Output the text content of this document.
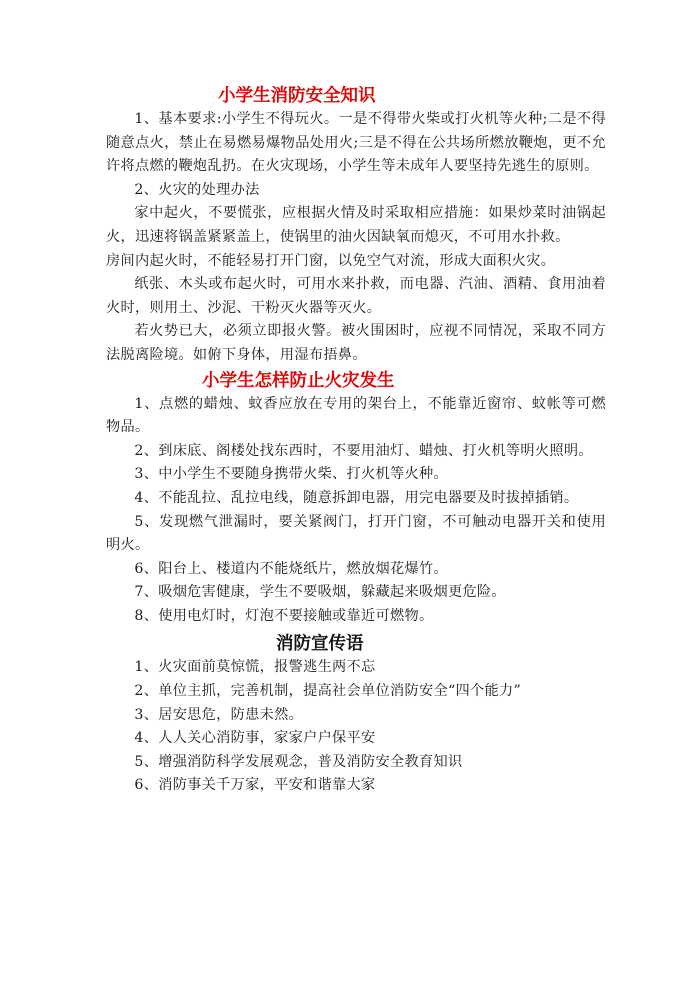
小学生消防安全知识

1、基本要求:小学生不得玩火。一是不得带火柴或打火机等火种;二是不得随意点火，禁止在易燃易爆物品处用火;三是不得在公共场所燃放鞭炮，更不允许将点燃的鞭炮乱扔。在火灾现场，小学生等未成年人要坚持先逃生的原则。

2、火灾的处理办法

家中起火，不要慌张，应根据火情及时采取相应措施：如果炒菜时油锅起火，迅速将锅盖紧紧盖上，使锅里的油火因缺氧而熄灭，不可用水扑救。

房间内起火时，不能轻易打开门窗，以免空气对流，形成大面积火灾。

纸张、木头或布起火时，可用水来扑救，而电器、汽油、酒精、食用油着火时，则用土、沙泥、干粉灭火器等灭火。

若火势已大，必须立即报火警。被火围困时，应视不同情况，采取不同方法脱离险境。如俯下身体，用湿布捂鼻。

小学生怎样防止火灾发生

1、点燃的蜡烛、蚊香应放在专用的架台上，不能靠近窗帘、蚊帐等可燃物品。

2、到床底、阁楼处找东西时，不要用油灯、蜡烛、打火机等明火照明。

3、中小学生不要随身携带火柴、打火机等火种。

4、不能乱拉、乱拉电线，随意拆卸电器，用完电器要及时拔掉插销。

5、发现燃气泄漏时，要关紧阀门，打开门窗，不可触动电器开关和使用明火。

6、阳台上、楼道内不能烧纸片，燃放烟花爆竹。

7、吸烟危害健康，学生不要吸烟，躲藏起来吸烟更危险。

8、使用电灯时，灯泡不要接触或靠近可燃物。

消防宣传语

1、火灾面前莫惊慌，报警逃生两不忘

2、单位主抓，完善机制，提高社会单位消防安全“四个能力”

3、居安思危，防患未然。

4、人人关心消防事，家家户户保平安

5、增强消防科学发展观念，普及消防安全教育知识

6、消防事关千万家，平安和谐靠大家
